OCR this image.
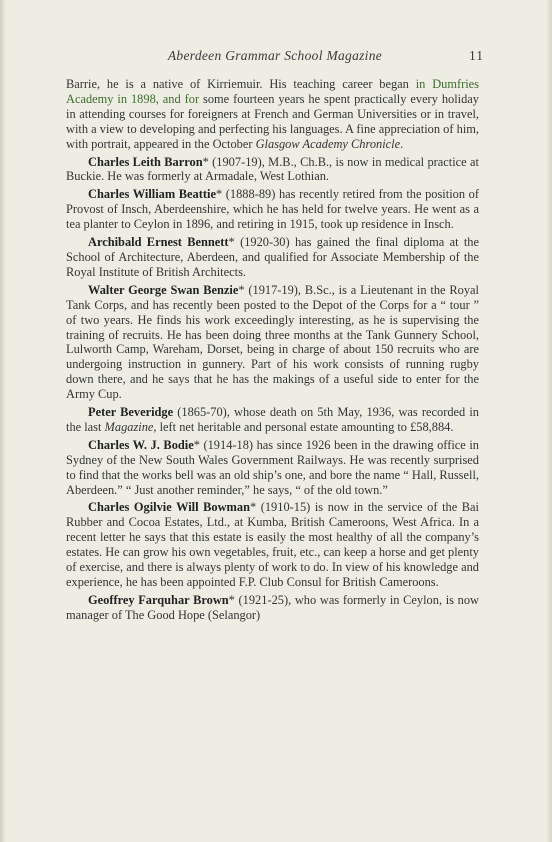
Aberdeen Grammar School Magazine	11

Barrie, he is a native of Kirriemuir. His teaching career began in Dumfries Academy in 1898, and for some fourteen years he spent practically every holiday in attending courses for foreigners at French and German Universities or in travel, with a view to developing and perfecting his languages. A fine appreciation of him, with portrait, appeared in the October Glasgow Academy Chronicle.

Charles Leith Barron* (1907-19), M.B., Ch.B., is now in medical practice at Buckie. He was formerly at Armadale, West Lothian.

Charles William Beattie* (1888-89) has recently retired from the position of Provost of Insch, Aberdeenshire, which he has held for twelve years. He went as a tea planter to Ceylon in 1896, and retiring in 1915, took up residence in Insch.

Archibald Ernest Bennett* (1920-30) has gained the final diploma at the School of Architecture, Aberdeen, and qualified for Associate Membership of the Royal Institute of British Architects.

Walter George Swan Benzie* (1917-19), B.Sc., is a Lieutenant in the Royal Tank Corps, and has recently been posted to the Depot of the Corps for a “ tour ” of two years. He finds his work exceedingly interesting, as he is supervising the training of recruits. He has been doing three months at the Tank Gunnery School, Lulworth Camp, Wareham, Dorset, being in charge of about 150 recruits who are undergoing instruction in gunnery. Part of his work consists of running rugby down there, and he says that he has the makings of a useful side to enter for the Army Cup.

Peter Beveridge (1865-70), whose death on 5th May, 1936, was recorded in the last Magazine, left net heritable and personal estate amounting to £58,884.

Charles W. J. Bodie* (1914-18) has since 1926 been in the drawing office in Sydney of the New South Wales Government Railways. He was recently surprised to find that the works bell was an old ship’s one, and bore the name “ Hall, Russell, Aberdeen.” “ Just another reminder,” he says, “ of the old town.”

Charles Ogilvie Will Bowman* (1910-15) is now in the service of the Bai Rubber and Cocoa Estates, Ltd., at Kumba, British Cameroons, West Africa. In a recent letter he says that this estate is easily the most healthy of all the company’s estates. He can grow his own vegetables, fruit, etc., can keep a horse and get plenty of exercise, and there is always plenty of work to do. In view of his knowledge and experience, he has been appointed F.P. Club Consul for British Cameroons.

Geoffrey Farquhar Brown* (1921-25), who was formerly in Ceylon, is now manager of The Good Hope (Selangor)
